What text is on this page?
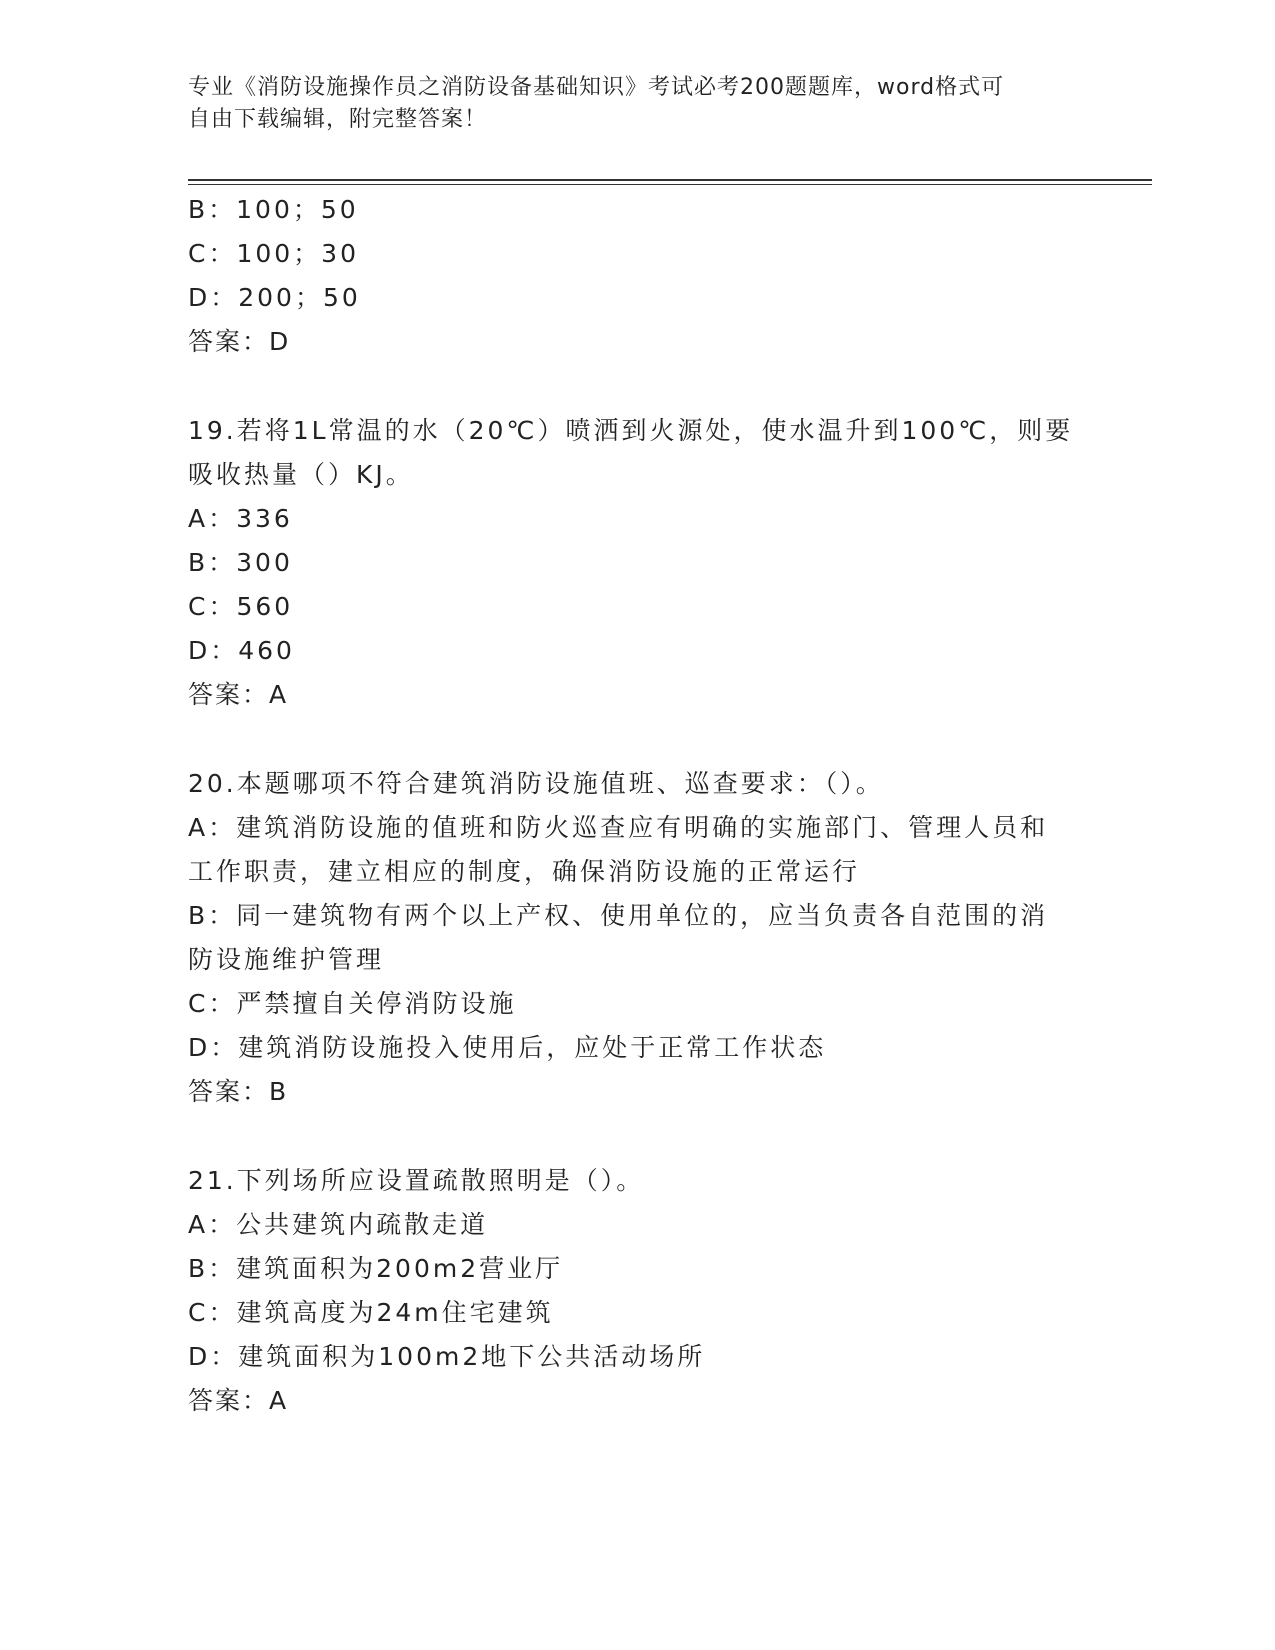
专业《消防设施操作员之消防设备基础知识》考试必考200题题库，word格式可
自由下载编辑，附完整答案！
B：100；50
C：100；30
D：200；50
答案：D
19.若将1L常温的水（20℃）喷洒到火源处，使水温升到100℃，则要
吸收热量（）KJ。
A：336
B：300
C：560
D：460
答案：A
20.本题哪项不符合建筑消防设施值班、巡查要求：（）。
A：建筑消防设施的值班和防火巡查应有明确的实施部门、管理人员和
工作职责，建立相应的制度，确保消防设施的正常运行
B：同一建筑物有两个以上产权、使用单位的，应当负责各自范围的消
防设施维护管理
C：严禁擅自关停消防设施
D：建筑消防设施投入使用后，应处于正常工作状态
答案：B
21.下列场所应设置疏散照明是（）。
A：公共建筑内疏散走道
B：建筑面积为200m2营业厅
C：建筑高度为24m住宅建筑
D：建筑面积为100m2地下公共活动场所
答案：A
